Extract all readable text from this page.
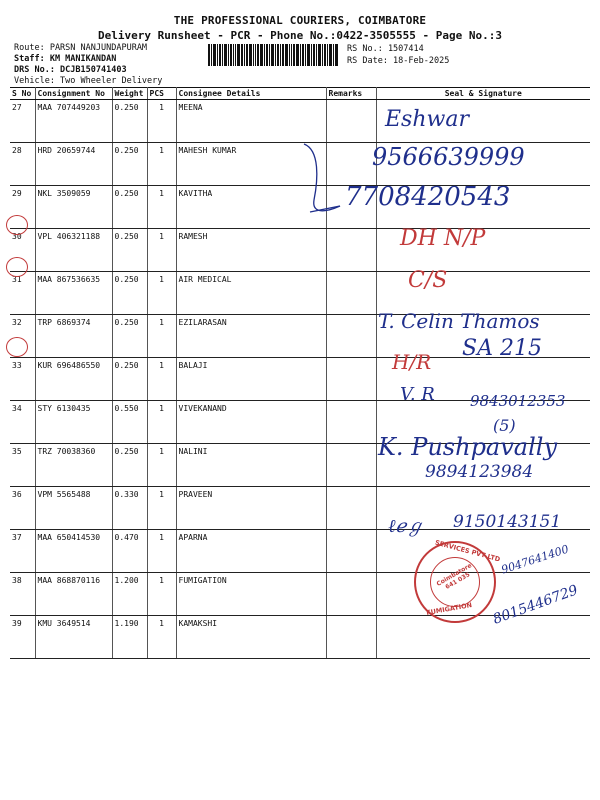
THE PROFESSIONAL COURIERS, COIMBATORE
Delivery Runsheet - PCR - Phone No.:0422-3505555 - Page No.:3
Route: PARSN NANJUNDAPURAM
Staff: KM MANIKANDAN
DRS No.: DCJB150741403
Vehicle: Two Wheeler Delivery
RS No.: 1507414
RS Date: 18-Feb-2025
S No	Consignment No	Weight	PCS	Consignee Details	Remarks	Seal & Signature
27	MAA 707449203	0.250	1	MEENA		
28	HRD 20659744	0.250	1	MAHESH KUMAR		
29	NKL 3509059	0.250	1	KAVITHA		
30	VPL 406321188	0.250	1	RAMESH		
31	MAA 867536635	0.250	1	AIR MEDICAL		
32	TRP 6869374	0.250	1	EZILARASAN		
33	KUR 696486550	0.250	1	BALAJI		
34	STY 6130435	0.550	1	VIVEKANAND		
35	TRZ 70038360	0.250	1	NALINI		
36	VPM 5565488	0.330	1	PRAVEEN		
37	MAA 650414530	0.470	1	APARNA		
38	MAA 868870116	1.200	1	FUMIGATION		
39	KMU 3649514	1.190	1	KAMAKSHI		
Eshwar
9566639999
7708420543
DH N/P
C/S
T. Celin Thamos
SA 215
H/R
V. R 9843012353
(5)
K. Pushpavally
9894123984
9150143151
ℓℯℊ
9047641400
8015446729
SERVICES PVT LTD
FUMIGATION
Coimbatore 641 035
